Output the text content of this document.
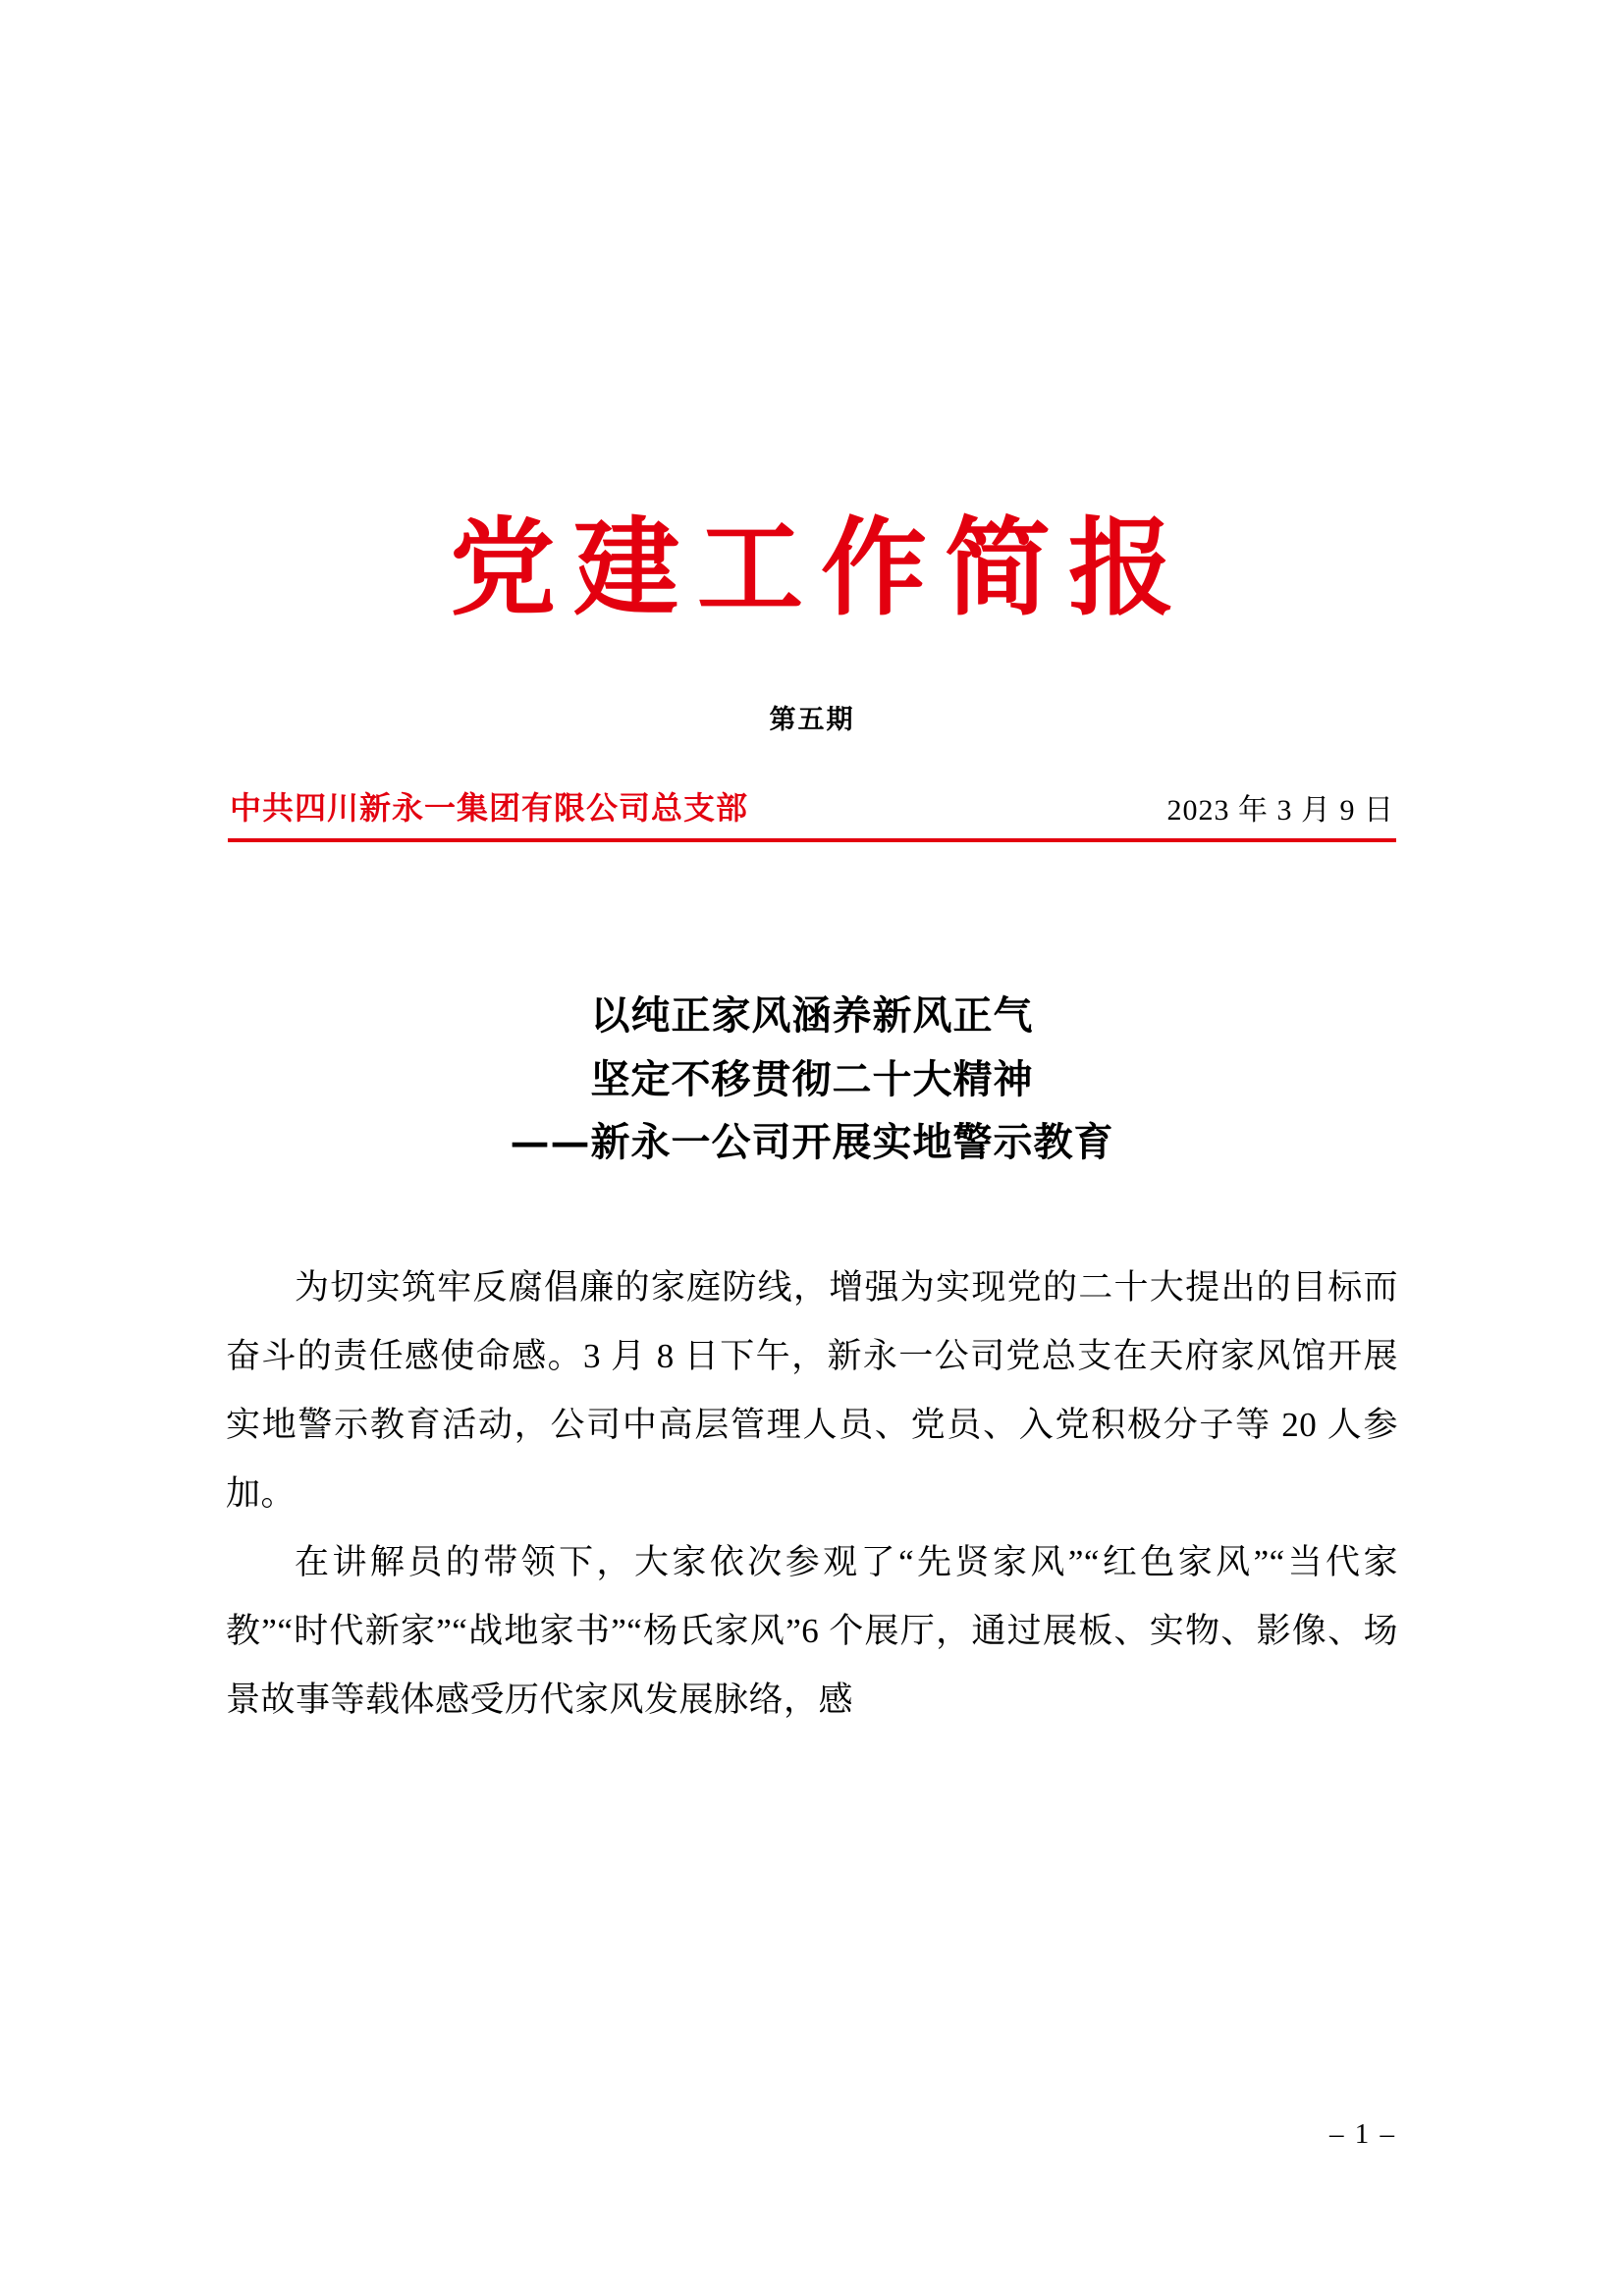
党建工作简报
第五期
中共四川新永一集团有限公司总支部	2023 年 3 月 9 日
以纯正家风涵养新风正气
坚定不移贯彻二十大精神
——新永一公司开展实地警示教育

为切实筑牢反腐倡廉的家庭防线，增强为实现党的二十大提出的目标而奋斗的责任感使命感。3 月 8 日下午，新永一公司党总支在天府家风馆开展实地警示教育活动，公司中高层管理人员、党员、入党积极分子等 20 人参加。

在讲解员的带领下，大家依次参观了“先贤家风”“红色家风”“当代家教”“时代新家”“战地家书”“杨氏家风”6 个展厅，通过展板、实物、影像、场景故事等载体感受历代家风发展脉络，感

– 1 –
